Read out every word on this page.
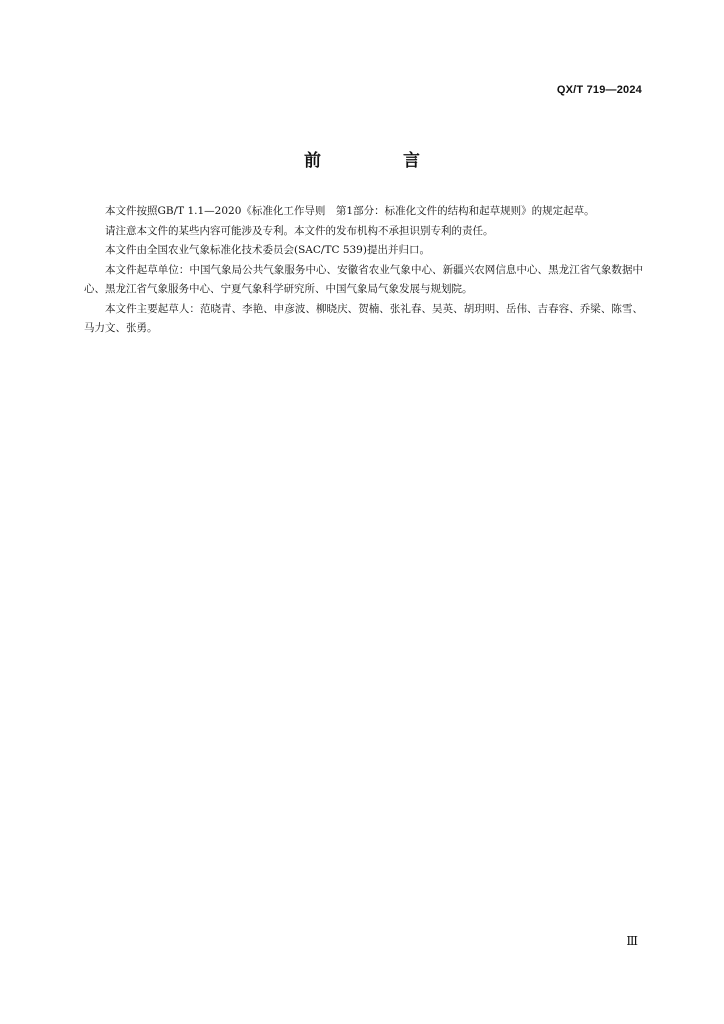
QX/T 719—2024
前 言

本文件按照GB/T 1.1—2020《标准化工作导则　第1部分：标准化文件的结构和起草规则》的规定起草。

请注意本文件的某些内容可能涉及专利。本文件的发布机构不承担识别专利的责任。

本文件由全国农业气象标准化技术委员会(SAC/TC 539)提出并归口。

本文件起草单位：中国气象局公共气象服务中心、安徽省农业气象中心、新疆兴农网信息中心、黑龙江省气象数据中心、黑龙江省气象服务中心、宁夏气象科学研究所、中国气象局气象发展与规划院。

本文件主要起草人：范晓青、李艳、申彦波、柳晓庆、贺楠、张礼春、吴英、胡玥明、岳伟、吉春容、乔梁、陈雪、马力文、张勇。

Ⅲ
